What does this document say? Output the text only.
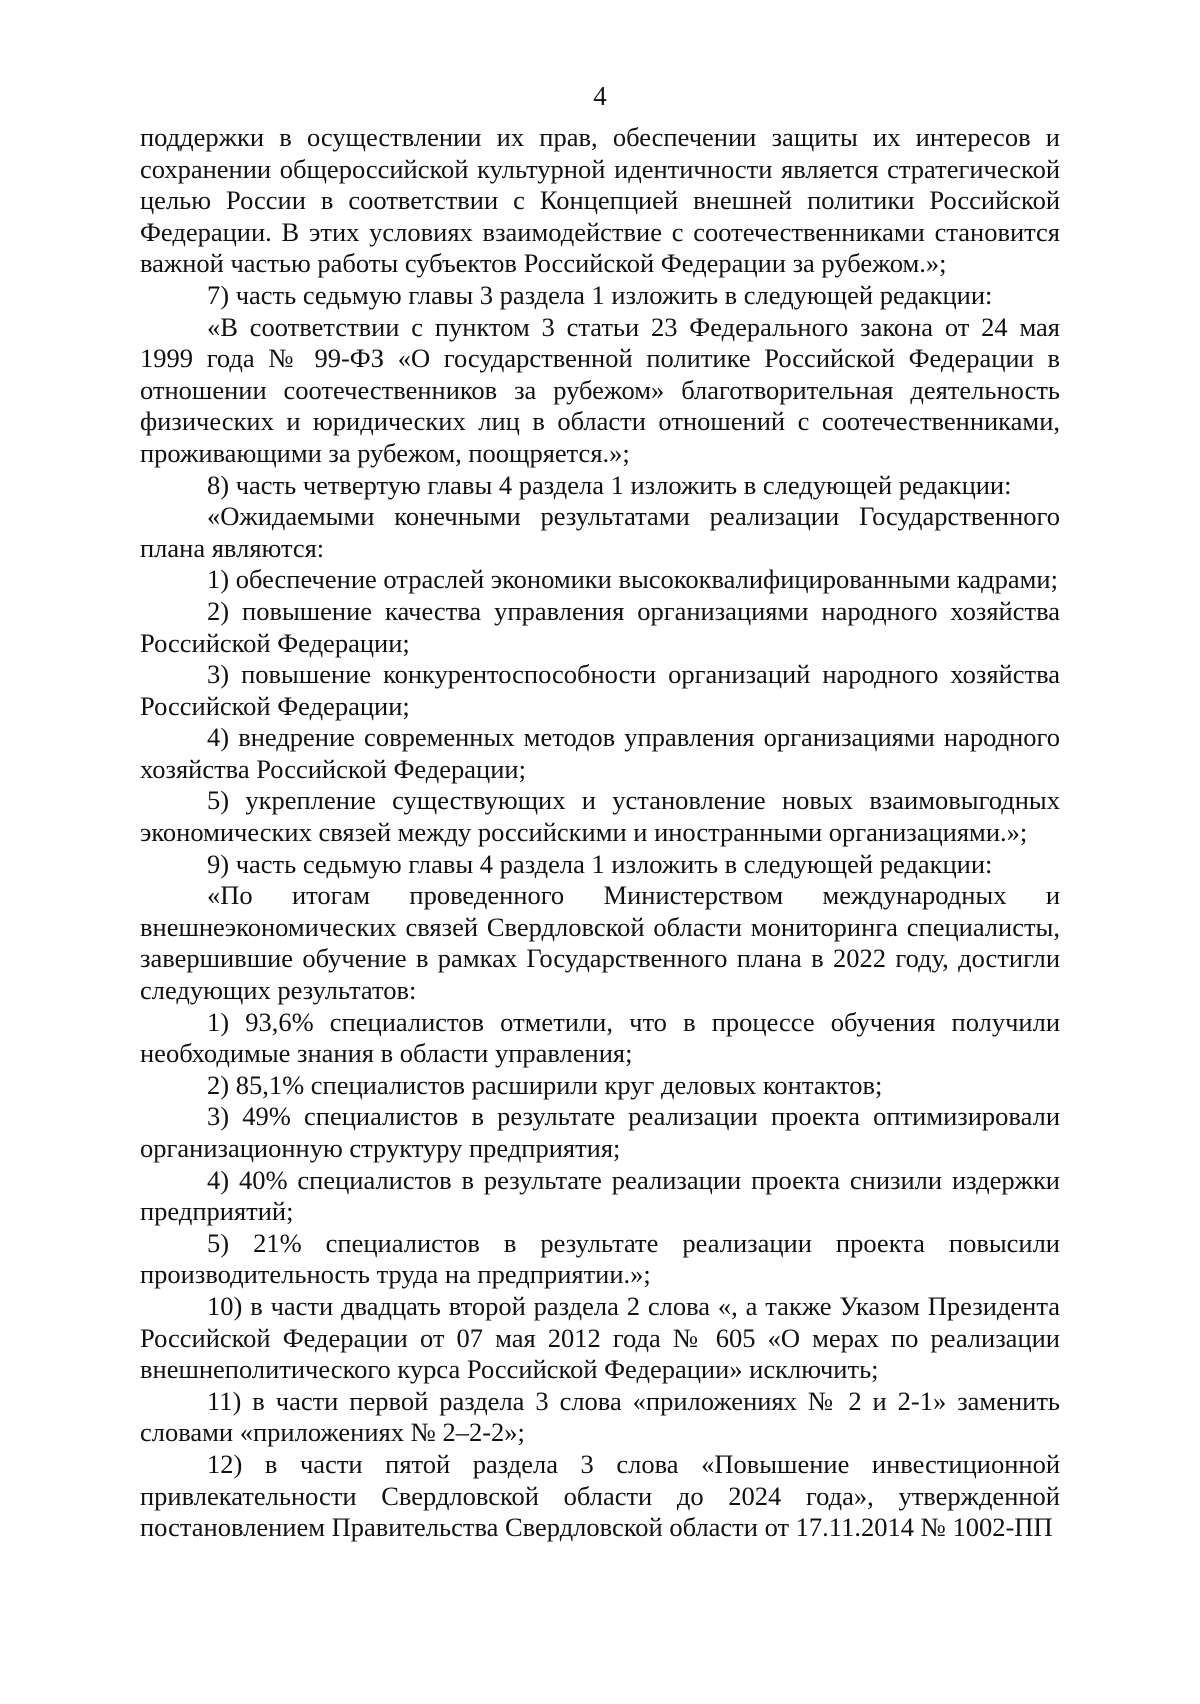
4

поддержки в осуществлении их прав, обеспечении защиты их интересов и сохранении общероссийской культурной идентичности является стратегической целью России в соответствии с Концепцией внешней политики Российской Федерации. В этих условиях взаимодействие с соотечественниками становится важной частью работы субъектов Российской Федерации за рубежом.»;

7) часть седьмую главы 3 раздела 1 изложить в следующей редакции:

«В соответствии с пунктом 3 статьи 23 Федерального закона от 24 мая 1999 года № 99-ФЗ «О государственной политике Российской Федерации в отношении соотечественников за рубежом» благотворительная деятельность физических и юридических лиц в области отношений с соотечественниками, проживающими за рубежом, поощряется.»;

8) часть четвертую главы 4 раздела 1 изложить в следующей редакции:

«Ожидаемыми конечными результатами реализации Государственного плана являются:

1) обеспечение отраслей экономики высококвалифицированными кадрами;

2) повышение качества управления организациями народного хозяйства Российской Федерации;

3) повышение конкурентоспособности организаций народного хозяйства Российской Федерации;

4) внедрение современных методов управления организациями народного хозяйства Российской Федерации;

5) укрепление существующих и установление новых взаимовыгодных экономических связей между российскими и иностранными организациями.»;

9) часть седьмую главы 4 раздела 1 изложить в следующей редакции:

«По итогам проведенного Министерством международных и внешнеэкономических связей Свердловской области мониторинга специалисты, завершившие обучение в рамках Государственного плана в 2022 году, достигли следующих результатов:

1) 93,6% специалистов отметили, что в процессе обучения получили необходимые знания в области управления;

2) 85,1% специалистов расширили круг деловых контактов;

3) 49% специалистов в результате реализации проекта оптимизировали организационную структуру предприятия;

4) 40% специалистов в результате реализации проекта снизили издержки предприятий;

5) 21% специалистов в результате реализации проекта повысили производительность труда на предприятии.»;

10) в части двадцать второй раздела 2 слова «, а также Указом Президента Российской Федерации от 07 мая 2012 года № 605 «О мерах по реализации внешнеполитического курса Российской Федерации» исключить;

11) в части первой раздела 3 слова «приложениях № 2 и 2-1» заменить словами «приложениях № 2–2-2»;

12) в части пятой раздела 3 слова «Повышение инвестиционной привлекательности Свердловской области до 2024 года», утвержденной постановлением Правительства Свердловской области от 17.11.2014 № 1002-ПП
